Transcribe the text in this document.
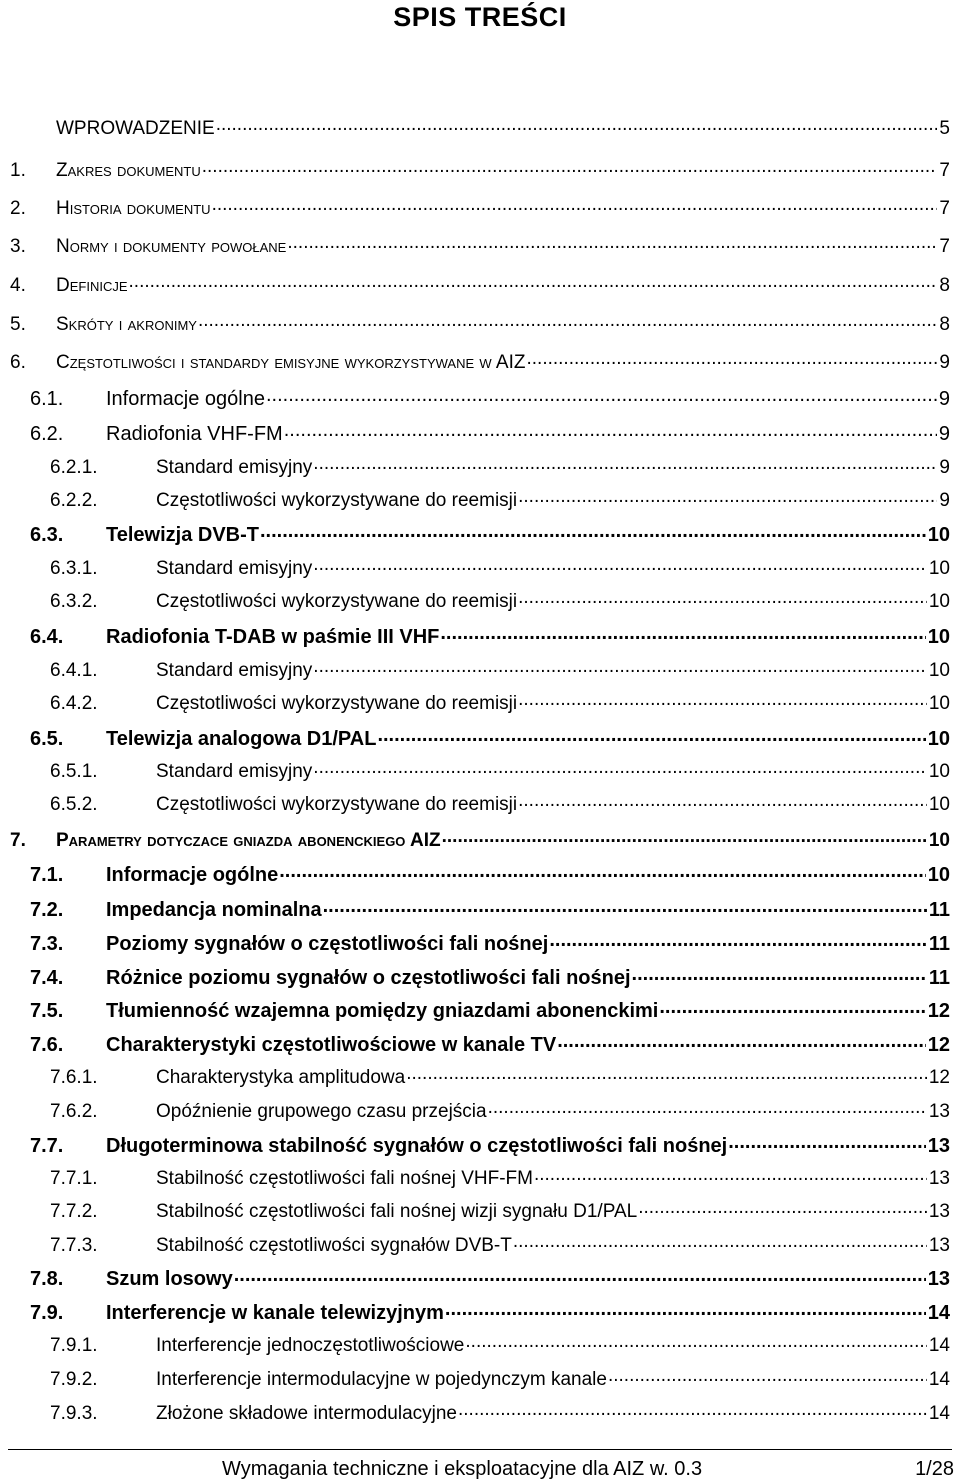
SPIS TREŚCI
WPROWADZENIE .....	5
1.	Zakres dokumentu .....	7
2.	Historia dokumentu .....	7
3.	Normy i dokumenty powołane .....	7
4.	Definicje .....	8
5.	Skróty i akronimy .....	8
6.	Częstotliwości i standardy emisyjne wykorzystywane w AIZ .....	9
6.1.	Informacje ogólne .....	9
6.2.	Radiofonia VHF-FM .....	9
6.2.1.	Standard emisyjny .....	9
6.2.2.	Częstotliwości wykorzystywane do reemisji .....	9
6.3.	Telewizja DVB-T .....	10
6.3.1.	Standard emisyjny .....	10
6.3.2.	Częstotliwości wykorzystywane do reemisji .....	10
6.4.	Radiofonia T-DAB w paśmie III VHF .....	10
6.4.1.	Standard emisyjny .....	10
6.4.2.	Częstotliwości wykorzystywane do reemisji .....	10
6.5.	Telewizja analogowa D1/PAL .....	10
6.5.1.	Standard emisyjny .....	10
6.5.2.	Częstotliwości wykorzystywane do reemisji .....	10
7.	Parametry dotyczace gniazda abonenckiego AIZ .....	10
7.1.	Informacje ogólne .....	10
7.2.	Impedancja nominalna .....	11
7.3.	Poziomy sygnałów o częstotliwości fali nośnej .....	11
7.4.	Różnice poziomu sygnałów o częstotliwości fali nośnej .....	11
7.5.	Tłumienność wzajemna pomiędzy gniazdami abonenckimi .....	12
7.6.	Charakterystyki częstotliwościowe w kanale TV .....	12
7.6.1.	Charakterystyka amplitudowa .....	12
7.6.2.	Opóźnienie grupowego czasu przejścia .....	13
7.7.	Długoterminowa stabilność sygnałów o częstotliwości fali nośnej .....	13
7.7.1.	Stabilność częstotliwości fali nośnej VHF-FM .....	13
7.7.2.	Stabilność częstotliwości fali nośnej wizji sygnału D1/PAL .....	13
7.7.3.	Stabilność częstotliwości sygnałów DVB-T .....	13
7.8.	Szum losowy .....	13
7.9.	Interferencje w kanale telewizyjnym .....	14
7.9.1.	Interferencje jednoczęstotliwościowe .....	14
7.9.2.	Interferencje intermodulacyjne w pojedynczym kanale .....	14
7.9.3.	Złożone składowe intermodulacyjne .....	14
Wymagania techniczne i eksploatacyjne dla AIZ w. 0.3	1/28
